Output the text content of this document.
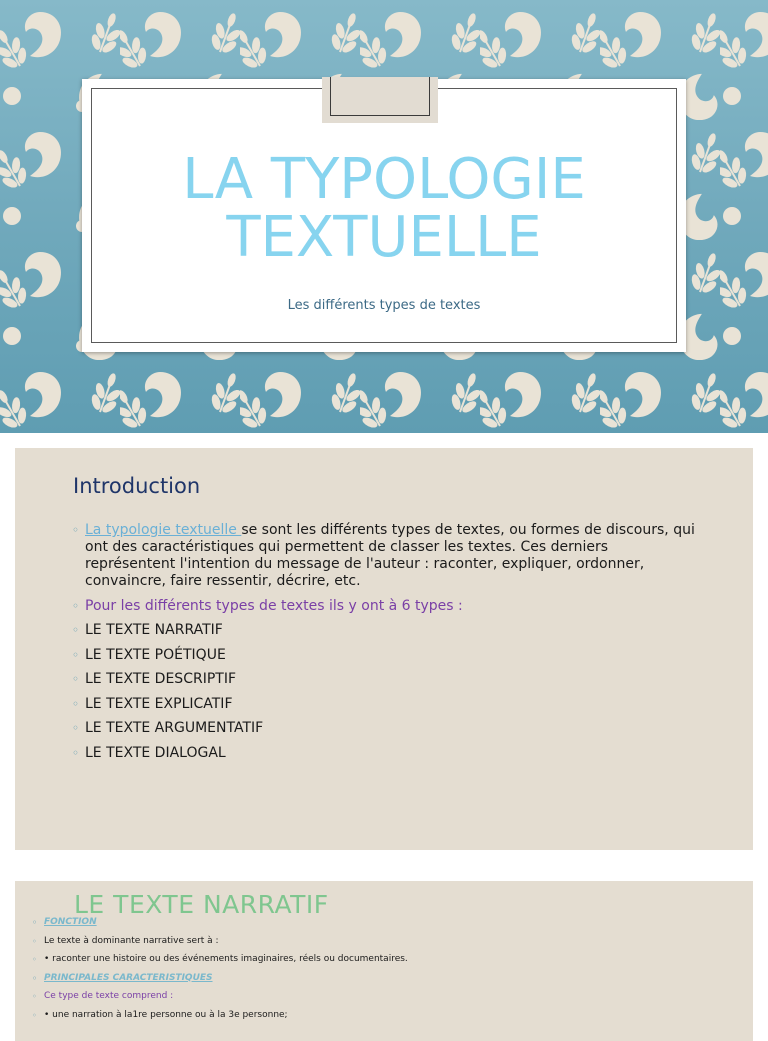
LA TYPOLOGIE
TEXTUELLE

Les différents types de textes

Introduction
◦ La typologie textuelle se sont les différents types de textes, ou formes de discours, qui ont des caractéristiques qui permettent de classer les textes. Ces derniers représentent l'intention du message de l'auteur : raconter, expliquer, ordonner, convaincre, faire ressentir, décrire, etc.
◦ Pour les différents types de textes ils y ont à 6 types :
◦ LE TEXTE NARRATIF
◦ LE TEXTE POÉTIQUE
◦ LE TEXTE DESCRIPTIF
◦ LE TEXTE EXPLICATIF
◦ LE TEXTE ARGUMENTATIF
◦ LE TEXTE DIALOGAL
LE TEXTE NARRATIF
◦ FONCTION
◦ Le texte à dominante narrative sert à :
◦ • raconter une histoire ou des événements imaginaires, réels ou documentaires.
◦ PRINCIPALES CARACTERISTIQUES
◦ Ce type de texte comprend :
◦ • une narration à la1re personne ou à la 3e personne;
